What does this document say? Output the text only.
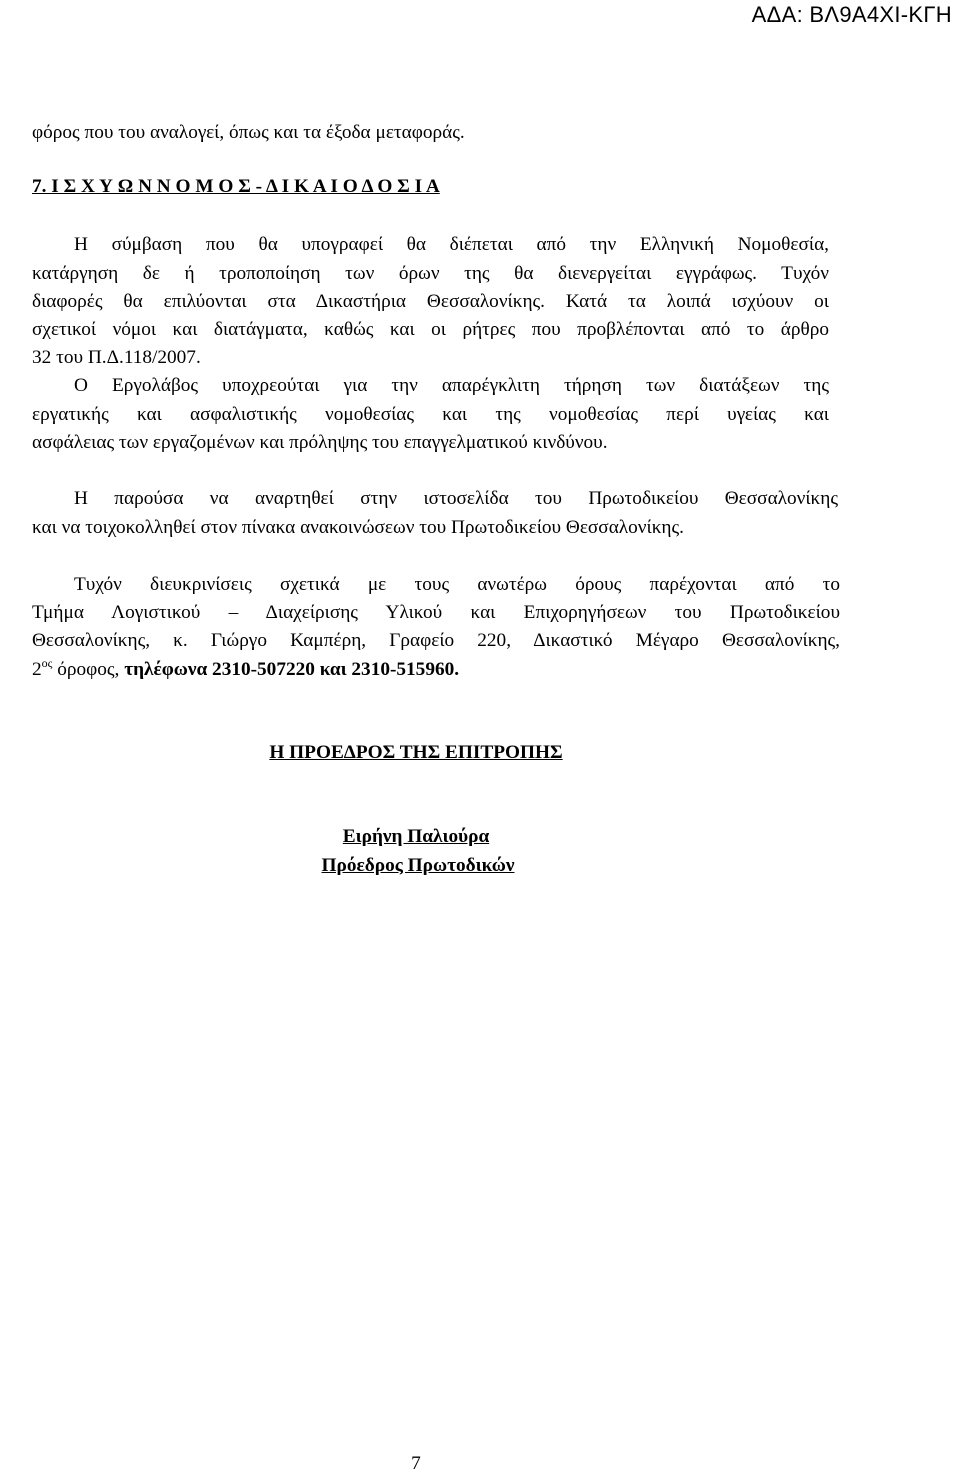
ΑΔΑ: ΒΛ9Α4ΧΙ-ΚΓΗ
φόρος που του αναλογεί, όπως και τα έξοδα μεταφοράς.
7. Ι Σ Χ Υ Ω Ν Ν Ο Μ Ο Σ - Δ Ι Κ Α Ι Ο Δ Ο Σ Ι Α
Η σύμβαση που θα υπογραφεί θα διέπεται από την Ελληνική Νομοθεσία,
κατάργηση δε ή τροποποίηση των όρων της θα διενεργείται εγγράφως. Τυχόν
διαφορές θα επιλύονται στα Δικαστήρια Θεσσαλονίκης. Κατά τα λοιπά ισχύουν οι
σχετικοί νόμοι και διατάγματα, καθώς και οι ρήτρες που προβλέπονται από το άρθρο
32 του Π.Δ.118/2007.
Ο Εργολάβος υποχρεούται για την απαρέγκλιτη τήρηση των διατάξεων της
εργατικής και ασφαλιστικής νομοθεσίας και της νομοθεσίας περί υγείας και
ασφάλειας των εργαζομένων και πρόληψης του επαγγελματικού κινδύνου.
Η παρούσα να αναρτηθεί στην ιστοσελίδα του Πρωτοδικείου Θεσσαλονίκης
και να τοιχοκολληθεί στον πίνακα ανακοινώσεων του Πρωτοδικείου Θεσσαλονίκης.
Τυχόν διευκρινίσεις σχετικά με τους ανωτέρω όρους παρέχονται από το
Τμήμα Λογιστικού – Διαχείρισης Υλικού και Επιχορηγήσεων του Πρωτοδικείου
Θεσσαλονίκης, κ. Γιώργο Καμπέρη, Γραφείο 220, Δικαστικό Μέγαρο Θεσσαλονίκης,
$2^{o\varsigma}$ όροφος, τηλέφωνα 2310-507220 και 2310-515960.
Η ΠΡΟΕΔΡΟΣ ΤΗΣ ΕΠΙΤΡΟΠΗΣ
Ειρήνη Παλιούρα
Πρόεδρος Πρωτοδικών
7
